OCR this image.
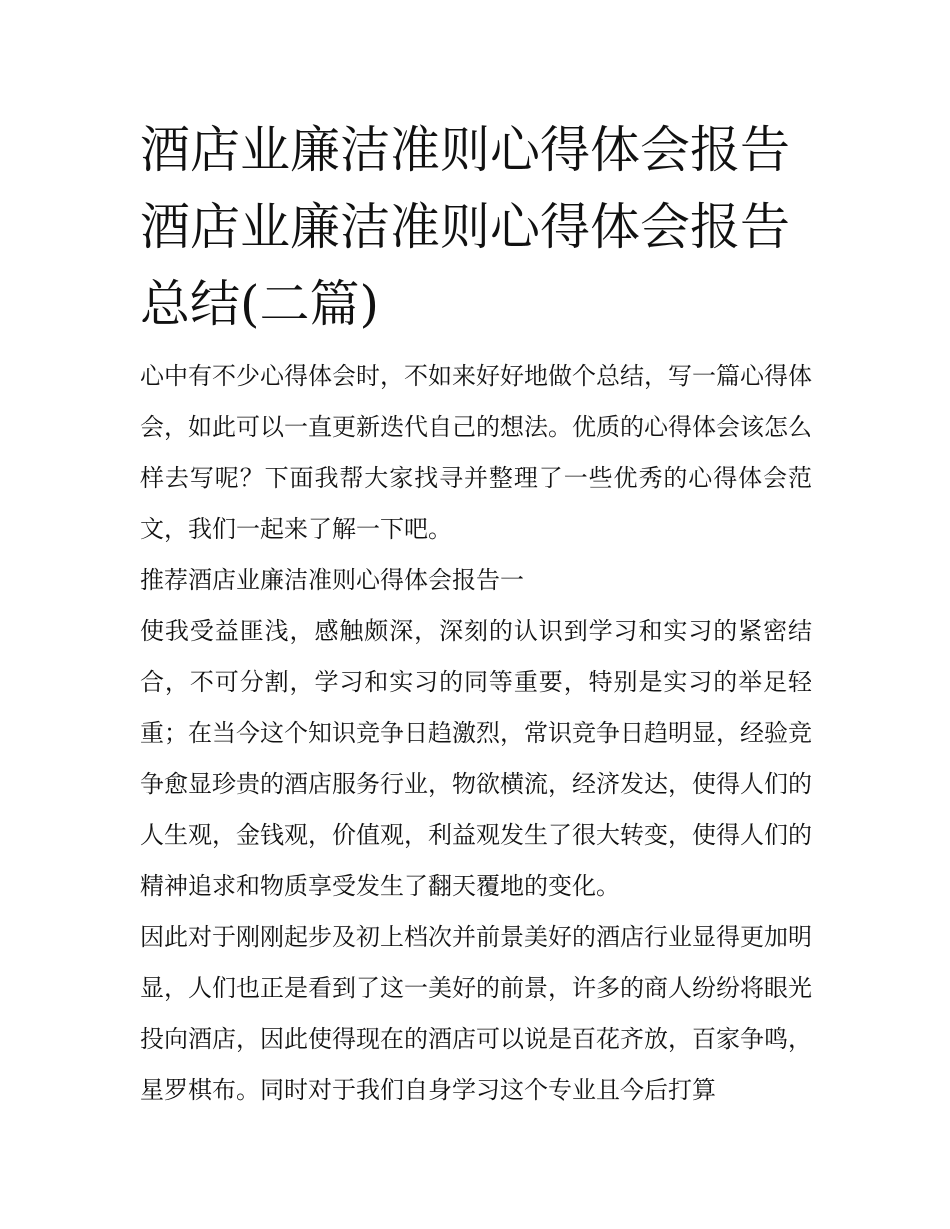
酒店业廉洁准则心得体会报告酒店业廉洁准则心得体会报告总结(二篇)

心中有不少心得体会时，不如来好好地做个总结，写一篇心得体会，如此可以一直更新迭代自己的想法。优质的心得体会该怎么样去写呢？下面我帮大家找寻并整理了一些优秀的心得体会范文，我们一起来了解一下吧。

推荐酒店业廉洁准则心得体会报告一

使我受益匪浅，感触颇深，深刻的认识到学习和实习的紧密结合，不可分割，学习和实习的同等重要，特别是实习的举足轻重；在当今这个知识竞争日趋激烈，常识竞争日趋明显，经验竞争愈显珍贵的酒店服务行业，物欲横流，经济发达，使得人们的人生观，金钱观，价值观，利益观发生了很大转变，使得人们的精神追求和物质享受发生了翻天覆地的变化。

因此对于刚刚起步及初上档次并前景美好的酒店行业显得更加明显，人们也正是看到了这一美好的前景，许多的商人纷纷将眼光投向酒店，因此使得现在的酒店可以说是百花齐放，百家争鸣，星罗棋布。同时对于我们自身学习这个专业且今后打算
